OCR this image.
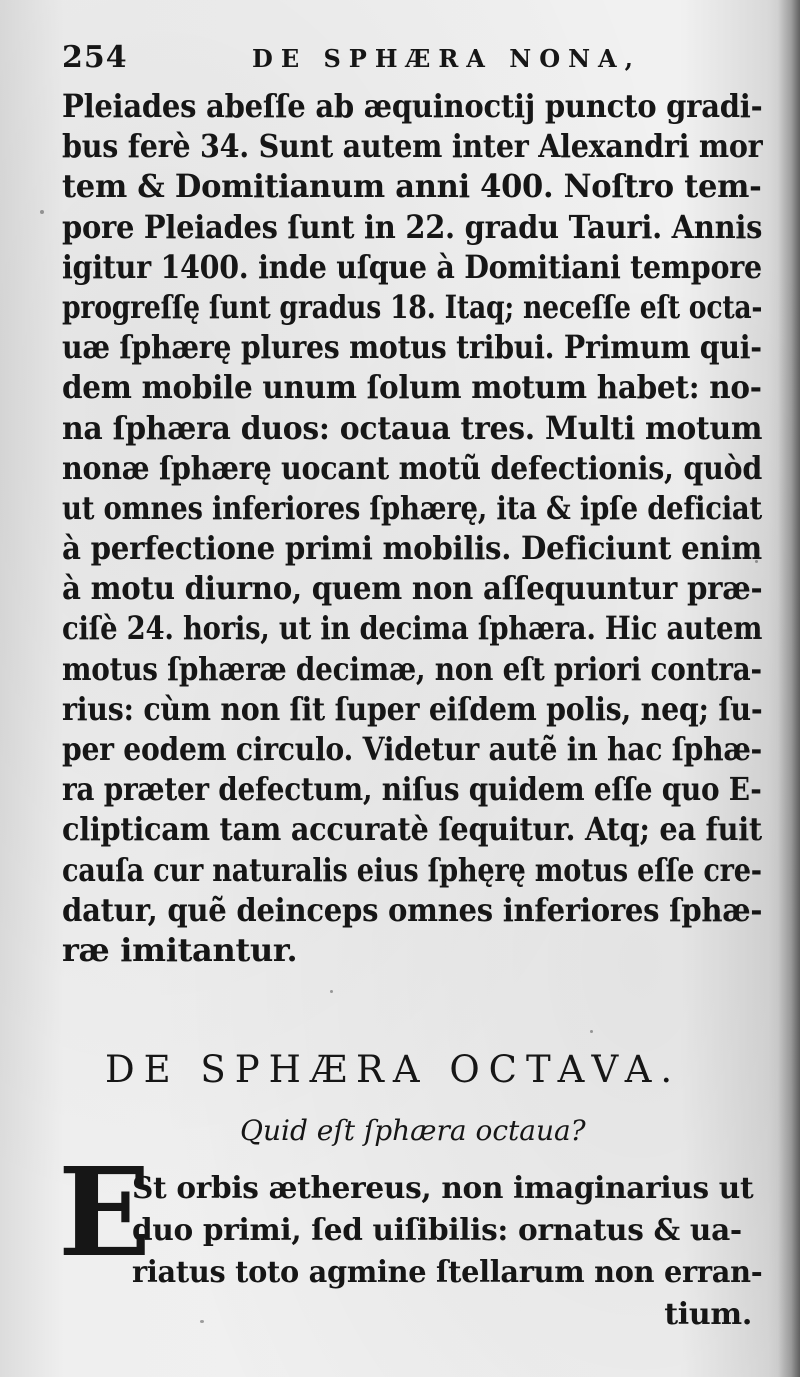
254	DE SPHÆRA NONA,
Pleiades abeſſe ab æquinoctij puncto gradi-
bus ferè 34. Sunt autem inter Alexandri mor
tem & Domitianum anni 400. Noſtro tem-
pore Pleiades ſunt in 22. gradu Tauri. Annis
igitur 1400. inde uſque à Domitiani tempore
progreſſę ſunt gradus 18. Itaq; neceſſe eſt octa-
uæ ſphærę plures motus tribui. Primum qui-
dem mobile unum ſolum motum habet: no-
na ſphæra duos: octaua tres. Multi motum
nonæ ſphærę uocant motũ defectionis, quòd
ut omnes inferiores ſphærę, ita & ipſe deficiat
à perfectione primi mobilis. Deficiunt enim
à motu diurno, quem non aſſequuntur præ-
ciſè 24. horis, ut in decima ſphæra. Hic autem
motus ſphæræ decimæ, non eſt priori contra-
rius: cùm non ſit ſuper eiſdem polis, neq; ſu-
per eodem circulo. Videtur autẽ in hac ſphæ-
ra præter defectum, niſus quidem eſſe quo E-
clipticam tam accuratè ſequitur. Atq; ea fuit
cauſa cur naturalis eius ſphęrę motus eſſe cre-
datur, quẽ deinceps omnes inferiores ſphæ-
ræ imitantur.
DE SPHÆRA OCTAVA.
Quid eſt ſphæra octaua?
E
St orbis æthereus, non imaginarius ut
duo primi, ſed uiſibilis: ornatus & ua-
riatus toto agmine ſtellarum non erran-
tium.
